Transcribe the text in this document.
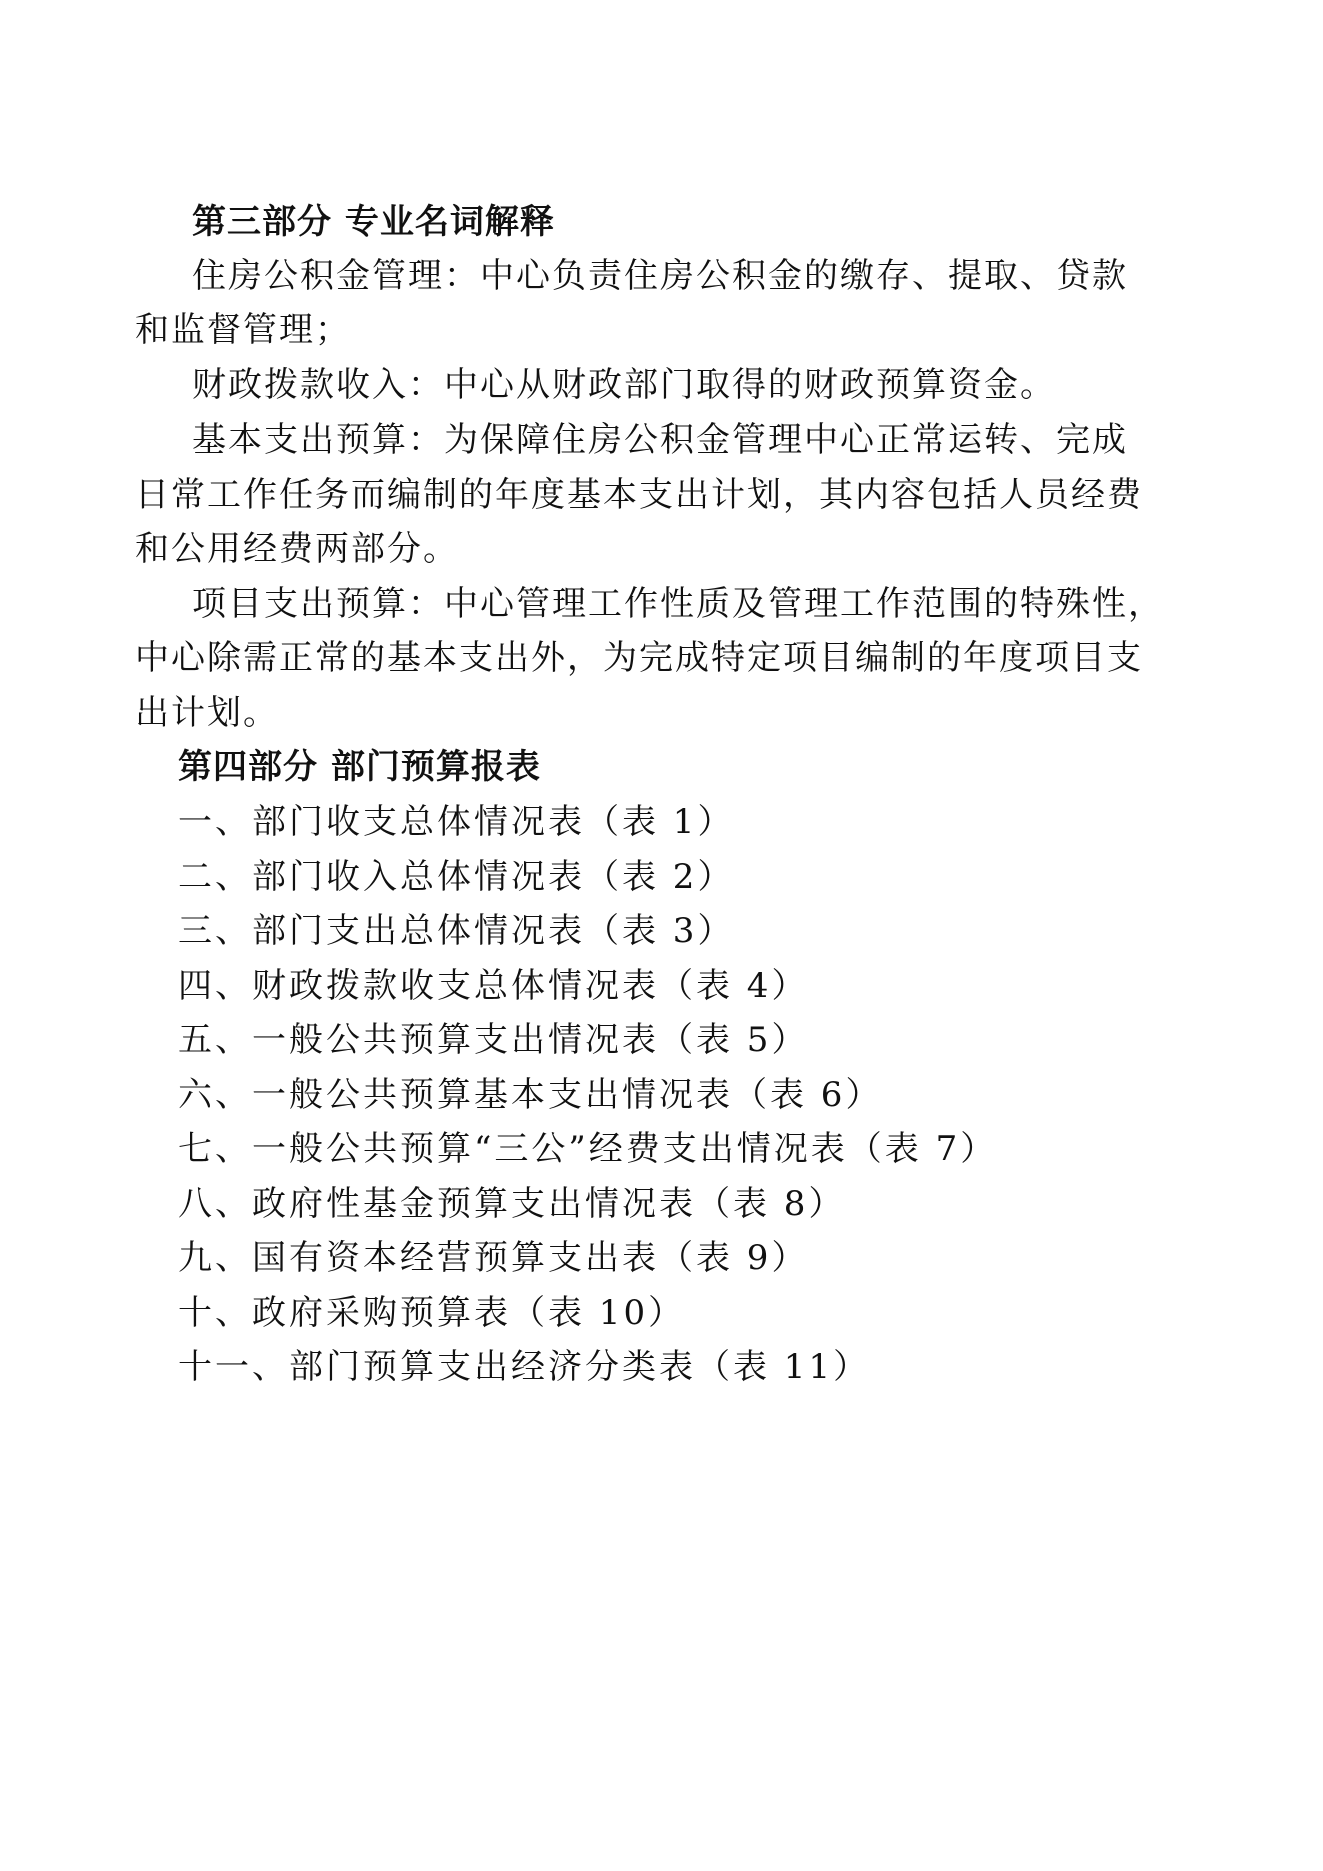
第三部分 专业名词解释
住房公积金管理：中心负责住房公积金的缴存、提取、贷款
和监督管理；
财政拨款收入：中心从财政部门取得的财政预算资金。
基本支出预算：为保障住房公积金管理中心正常运转、完成
日常工作任务而编制的年度基本支出计划，其内容包括人员经费
和公用经费两部分。
项目支出预算：中心管理工作性质及管理工作范围的特殊性，
中心除需正常的基本支出外，为完成特定项目编制的年度项目支
出计划。
第四部分 部门预算报表
一、部门收支总体情况表（表 1）
二、部门收入总体情况表（表 2）
三、部门支出总体情况表（表 3）
四、财政拨款收支总体情况表（表 4）
五、一般公共预算支出情况表（表 5）
六、一般公共预算基本支出情况表（表 6）
七、一般公共预算“三公”经费支出情况表（表 7）
八、政府性基金预算支出情况表（表 8）
九、国有资本经营预算支出表（表 9）
十、政府采购预算表（表 10）
十一、部门预算支出经济分类表（表 11）
